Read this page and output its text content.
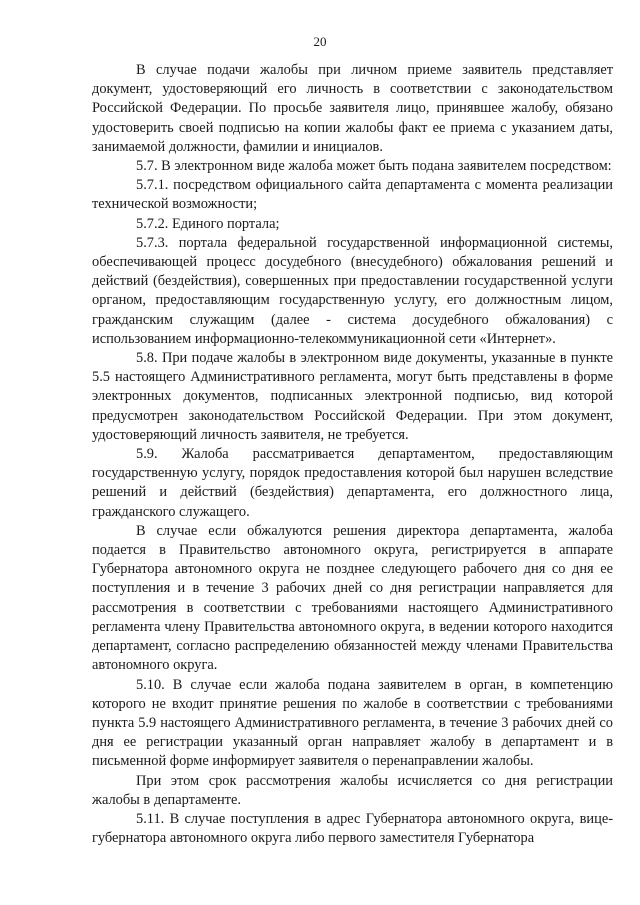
20

В случае подачи жалобы при личном приеме заявитель представляет документ, удостоверяющий его личность в соответствии с законодательством Российской Федерации. По просьбе заявителя лицо, принявшее жалобу, обязано удостоверить своей подписью на копии жалобы факт ее приема с указанием даты, занимаемой должности, фамилии и инициалов.

5.7. В электронном виде жалоба может быть подана заявителем посредством:

5.7.1. посредством официального сайта департамента с момента реализации технической возможности;

5.7.2. Единого портала;

5.7.3. портала федеральной государственной информационной системы, обеспечивающей процесс досудебного (внесудебного) обжалования решений и действий (бездействия), совершенных при предоставлении государственной услуги органом, предоставляющим государственную услугу, его должностным лицом, гражданским служащим (далее - система досудебного обжалования) с использованием информационно-телекоммуникационной сети «Интернет».

5.8. При подаче жалобы в электронном виде документы, указанные в пункте 5.5 настоящего Административного регламента, могут быть представлены в форме электронных документов, подписанных электронной подписью, вид которой предусмотрен законодательством Российской Федерации. При этом документ, удостоверяющий личность заявителя, не требуется.

5.9. Жалоба рассматривается департаментом, предоставляющим государственную услугу, порядок предоставления которой был нарушен вследствие решений и действий (бездействия) департамента, его должностного лица, гражданского служащего.

В случае если обжалуются решения директора департамента, жалоба подается в Правительство автономного округа, регистрируется в аппарате Губернатора автономного округа не позднее следующего рабочего дня со дня ее поступления и в течение 3 рабочих дней со дня регистрации направляется для рассмотрения в соответствии с требованиями настоящего Административного регламента члену Правительства автономного округа, в ведении которого находится департамент, согласно распределению обязанностей между членами Правительства автономного округа.

5.10. В случае если жалоба подана заявителем в орган, в компетенцию которого не входит принятие решения по жалобе в соответствии с требованиями пункта 5.9 настоящего Административного регламента, в течение 3 рабочих дней со дня ее регистрации указанный орган направляет жалобу в департамент и в письменной форме информирует заявителя о перенаправлении жалобы.

При этом срок рассмотрения жалобы исчисляется со дня регистрации жалобы в департаменте.

5.11. В случае поступления в адрес Губернатора автономного округа, вице-губернатора автономного округа либо первого заместителя Губернатора
